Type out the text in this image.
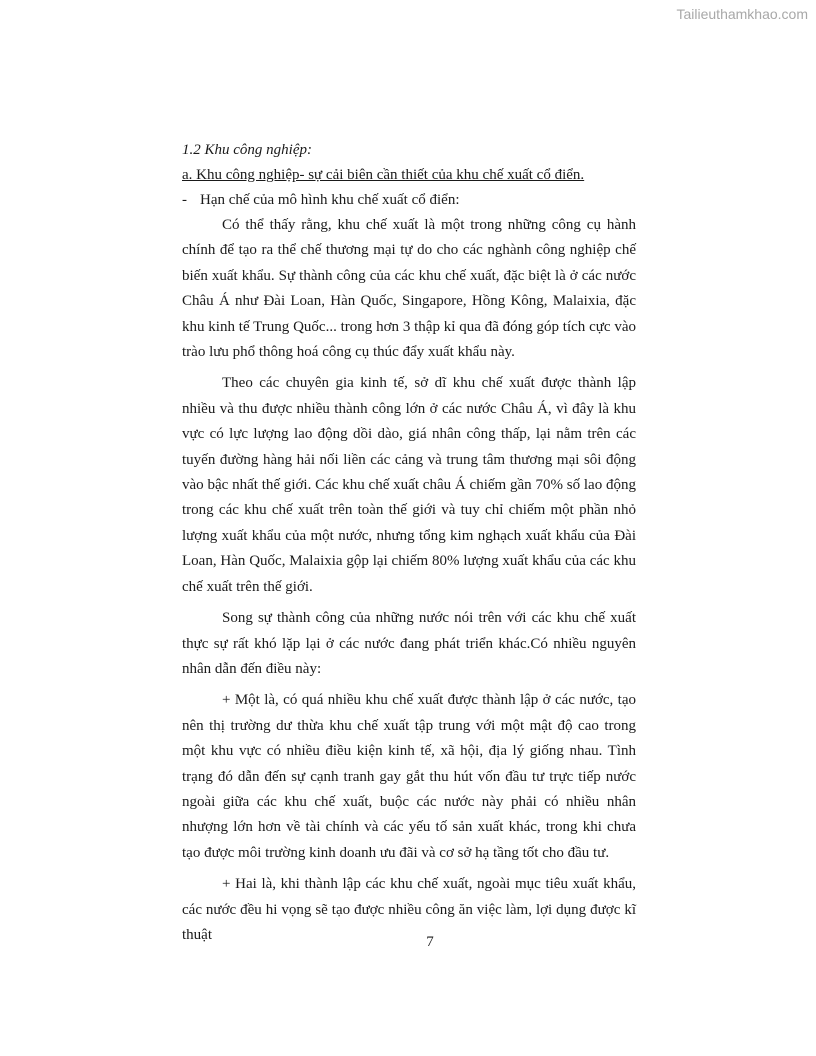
Tailieuthamkhao.com

1.2 Khu công nghiệp:

a. Khu công nghiệp- sự cải biên cần thiết của khu chế xuất cổ điển.

- Hạn chế của mô hình khu chế xuất cổ điển:

Có thể thấy rằng, khu chế xuất là một trong những công cụ hành chính để tạo ra thể chế thương mại tự do cho các nghành công nghiệp chế biến xuất khẩu. Sự thành công của các khu chế xuất, đặc biệt là ở các nước Châu Á như Đài Loan, Hàn Quốc, Singapore, Hồng Kông, Malaixia, đặc khu kinh tế Trung Quốc... trong hơn 3 thập kỉ qua đã đóng góp tích cực vào trào lưu phổ thông hoá công cụ thúc đẩy xuất khẩu này.

Theo các chuyên gia kinh tế, sở dĩ khu chế xuất được thành lập nhiều và thu được nhiều thành công lớn ở các nước Châu Á, vì đây là khu vực có lực lượng lao động dồi dào, giá nhân công thấp, lại nằm trên các tuyến đường hàng hải nối liền các cảng và trung tâm thương mại sôi động vào bậc nhất thế giới. Các khu chế xuất châu Á chiếm gần 70% số lao động trong các khu chế xuất trên toàn thế giới và tuy chỉ chiếm một phần nhỏ lượng xuất khẩu của một nước, nhưng tổng kim nghạch xuất khẩu của Đài Loan, Hàn Quốc, Malaixia gộp lại chiếm 80% lượng xuất khẩu của các khu chế xuất trên thế giới.

Song sự thành công của những nước nói trên với các khu chế xuất thực sự rất khó lặp lại ở các nước đang phát triển khác.Có nhiều nguyên nhân dẫn đến điều này:

+ Một là, có quá nhiều khu chế xuất được thành lập ở các nước, tạo nên thị trường dư thừa khu chế xuất tập trung với một mật độ cao trong một khu vực có nhiều điều kiện kinh tế, xã hội, địa lý giống nhau. Tình trạng đó dẫn đến sự cạnh tranh gay gắt thu hút vốn đầu tư trực tiếp nước ngoài giữa các khu chế xuất, buộc các nước này phải có nhiều nhân nhượng lớn hơn về tài chính và các yếu tố sản xuất khác, trong khi chưa tạo được môi trường kinh doanh ưu đãi và cơ sở hạ tầng tốt cho đầu tư.

+ Hai là, khi thành lập các khu chế xuất, ngoài mục tiêu xuất khẩu, các nước đều hi vọng sẽ tạo được nhiều công ăn việc làm, lợi dụng được kĩ thuật	7
